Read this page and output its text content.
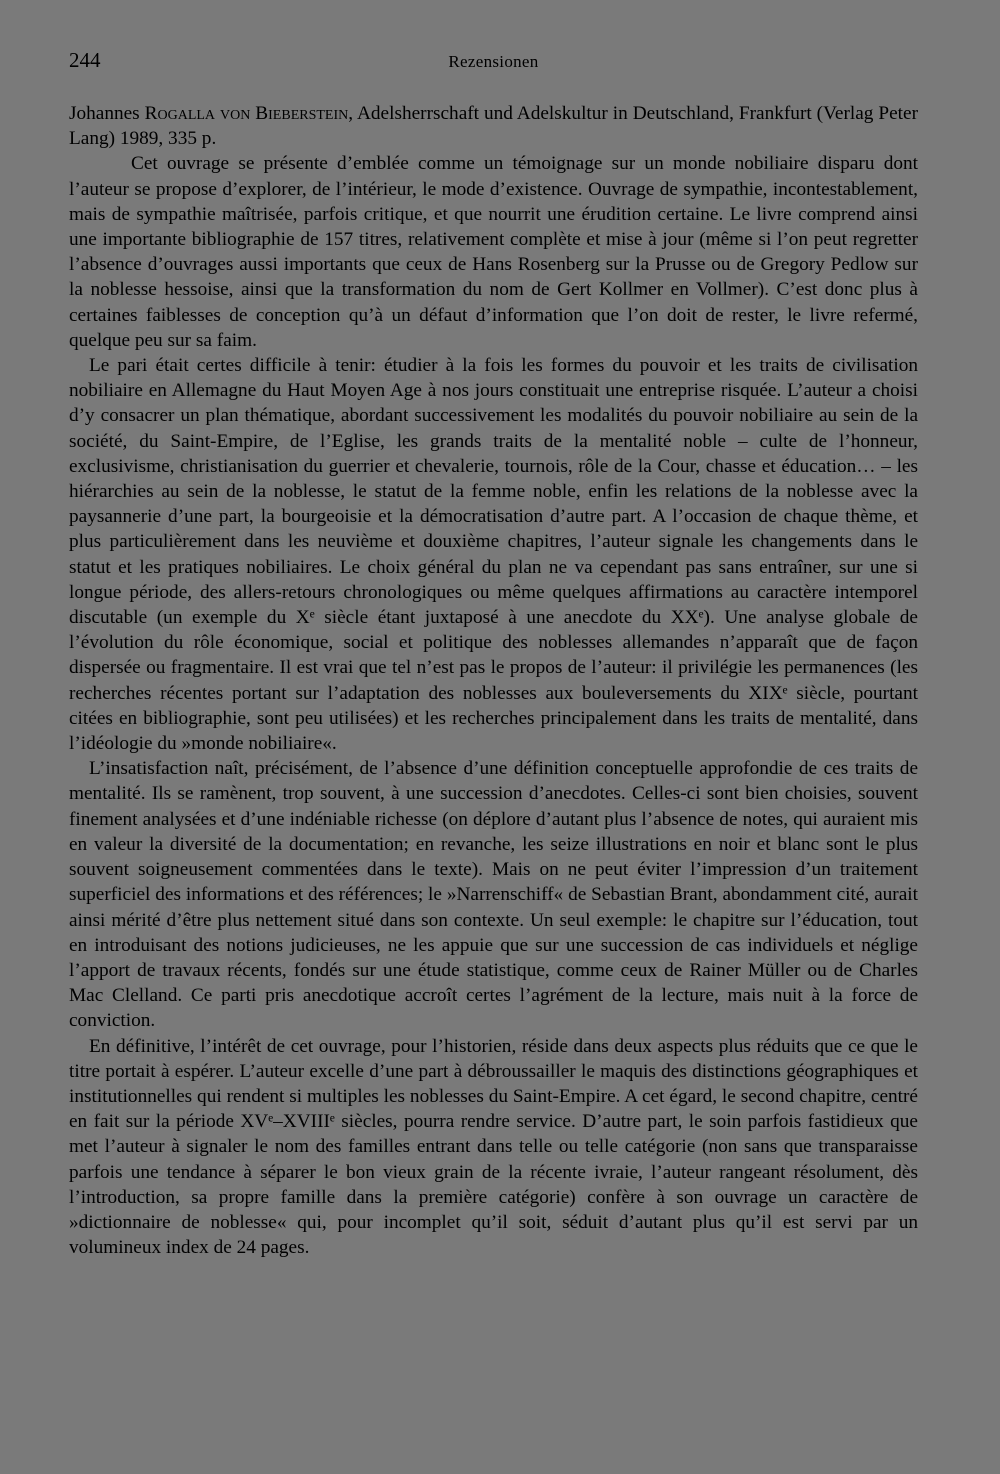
244	Rezensionen

Johannes Rogalla von Bieberstein, Adelsherrschaft und Adelskultur in Deutschland, Frankfurt (Verlag Peter Lang) 1989, 335 p.

Cet ouvrage se présente d’emblée comme un témoignage sur un monde nobiliaire disparu dont l’auteur se propose d’explorer, de l’intérieur, le mode d’existence. Ouvrage de sympathie, incontestablement, mais de sympathie maîtrisée, parfois critique, et que nourrit une érudition certaine. Le livre comprend ainsi une importante bibliographie de 157 titres, relativement complète et mise à jour (même si l’on peut regretter l’absence d’ouvrages aussi importants que ceux de Hans Rosenberg sur la Prusse ou de Gregory Pedlow sur la noblesse hessoise, ainsi que la transformation du nom de Gert Kollmer en Vollmer). C’est donc plus à certaines faiblesses de conception qu’à un défaut d’information que l’on doit de rester, le livre refermé, quelque peu sur sa faim.

Le pari était certes difficile à tenir: étudier à la fois les formes du pouvoir et les traits de civilisation nobiliaire en Allemagne du Haut Moyen Age à nos jours constituait une entreprise risquée. L’auteur a choisi d’y consacrer un plan thématique, abordant successivement les modalités du pouvoir nobiliaire au sein de la société, du Saint-Empire, de l’Eglise, les grands traits de la mentalité noble – culte de l’honneur, exclusivisme, christianisation du guerrier et chevalerie, tournois, rôle de la Cour, chasse et éducation… – les hiérarchies au sein de la noblesse, le statut de la femme noble, enfin les relations de la noblesse avec la paysannerie d’une part, la bourgeoisie et la démocratisation d’autre part. A l’occasion de chaque thème, et plus particulièrement dans les neuvième et douxième chapitres, l’auteur signale les changements dans le statut et les pratiques nobiliaires. Le choix général du plan ne va cependant pas sans entraîner, sur une si longue période, des allers-retours chronologiques ou même quelques affirmations au caractère intemporel discutable (un exemple du Xᵉ siècle étant juxtaposé à une anecdote du XXᵉ). Une analyse globale de l’évolution du rôle économique, social et politique des noblesses allemandes n’apparaît que de façon dispersée ou fragmentaire. Il est vrai que tel n’est pas le propos de l’auteur: il privilégie les permanences (les recherches récentes portant sur l’adaptation des noblesses aux bouleversements du XIXᵉ siècle, pourtant citées en bibliographie, sont peu utilisées) et les recherches principalement dans les traits de mentalité, dans l’idéologie du »monde nobiliaire«.

L’insatisfaction naît, précisément, de l’absence d’une définition conceptuelle approfondie de ces traits de mentalité. Ils se ramènent, trop souvent, à une succession d’anecdotes. Celles-ci sont bien choisies, souvent finement analysées et d’une indéniable richesse (on déplore d’autant plus l’absence de notes, qui auraient mis en valeur la diversité de la documentation; en revanche, les seize illustrations en noir et blanc sont le plus souvent soigneusement commentées dans le texte). Mais on ne peut éviter l’impression d’un traitement superficiel des informations et des références; le »Narrenschiff« de Sebastian Brant, abondamment cité, aurait ainsi mérité d’être plus nettement situé dans son contexte. Un seul exemple: le chapitre sur l’éducation, tout en introduisant des notions judicieuses, ne les appuie que sur une succession de cas individuels et néglige l’apport de travaux récents, fondés sur une étude statistique, comme ceux de Rainer Müller ou de Charles Mac Clelland. Ce parti pris anecdotique accroît certes l’agrément de la lecture, mais nuit à la force de conviction.

En définitive, l’intérêt de cet ouvrage, pour l’historien, réside dans deux aspects plus réduits que ce que le titre portait à espérer. L’auteur excelle d’une part à débroussailler le maquis des distinctions géographiques et institutionnelles qui rendent si multiples les noblesses du Saint-Empire. A cet égard, le second chapitre, centré en fait sur la période XVᵉ–XVIIIᵉ siècles, pourra rendre service. D’autre part, le soin parfois fastidieux que met l’auteur à signaler le nom des familles entrant dans telle ou telle catégorie (non sans que transparaisse parfois une tendance à séparer le bon vieux grain de la récente ivraie, l’auteur rangeant résolument, dès l’introduction, sa propre famille dans la première catégorie) confère à son ouvrage un caractère de »dictionnaire de noblesse« qui, pour incomplet qu’il soit, séduit d’autant plus qu’il est servi par un volumineux index de 24 pages.
